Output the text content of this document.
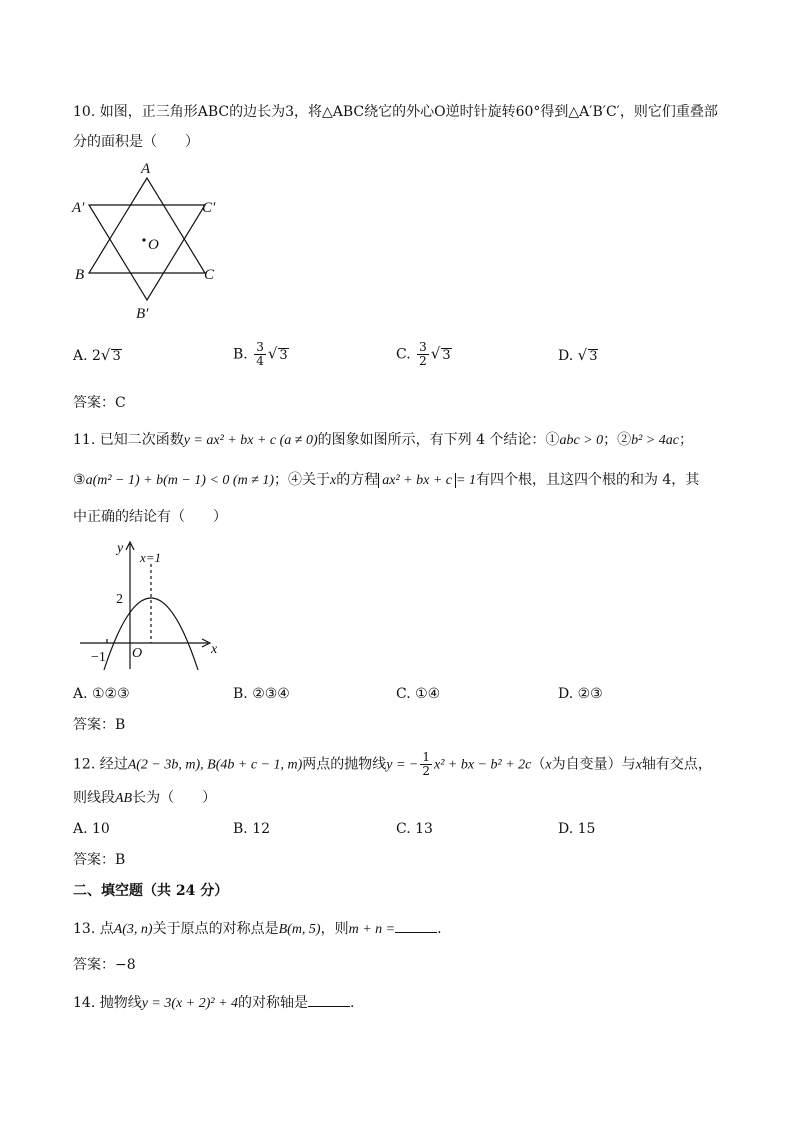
10. 如图，正三角形ABC的边长为3，将△ABC绕它的外心O逆时针旋转60°得到△A′B′C′，则它们重叠部
分的面积是（　　）
A
A′	C′
O
B	C
B′
A. 2√ 3	B. $\frac{3}{4}$ √ 3	C. $\frac{3}{2}$ √ 3	D. √ 3
答案：C
11. 已知二次函数y = ax² + bx + c (a ≠ 0)的图象如图所示，有下列 4 个结论：①abc > 0；②b² > 4ac；
③a(m² − 1) + b(m − 1) < 0 (m ≠ 1)；④关于x的方程 ax² + bx + c = 1有四个根，且这四个根的和为 4，其
中正确的结论有（　　）
y
x=1
2
x
−1 O
A. ①②③	B. ②③④	C. ①④	D. ②③
答案：B
12. 经过A(2 − 3b, m), B(4b + c − 1, m)两点的抛物线y = − $\frac{1}{2} x^2$ + bx − b² + 2c（x为自变量）与x轴有交点，
则线段AB长为（　　）
A. 10	B. 12	C. 13	D. 15
答案：B
二、填空题（共 24 分）
13. 点A(3, n)关于原点的对称点是B(m, 5)，则m + n =	.
答案：−8
14. 抛物线y = 3(x + 2)² + 4的对称轴是	.
